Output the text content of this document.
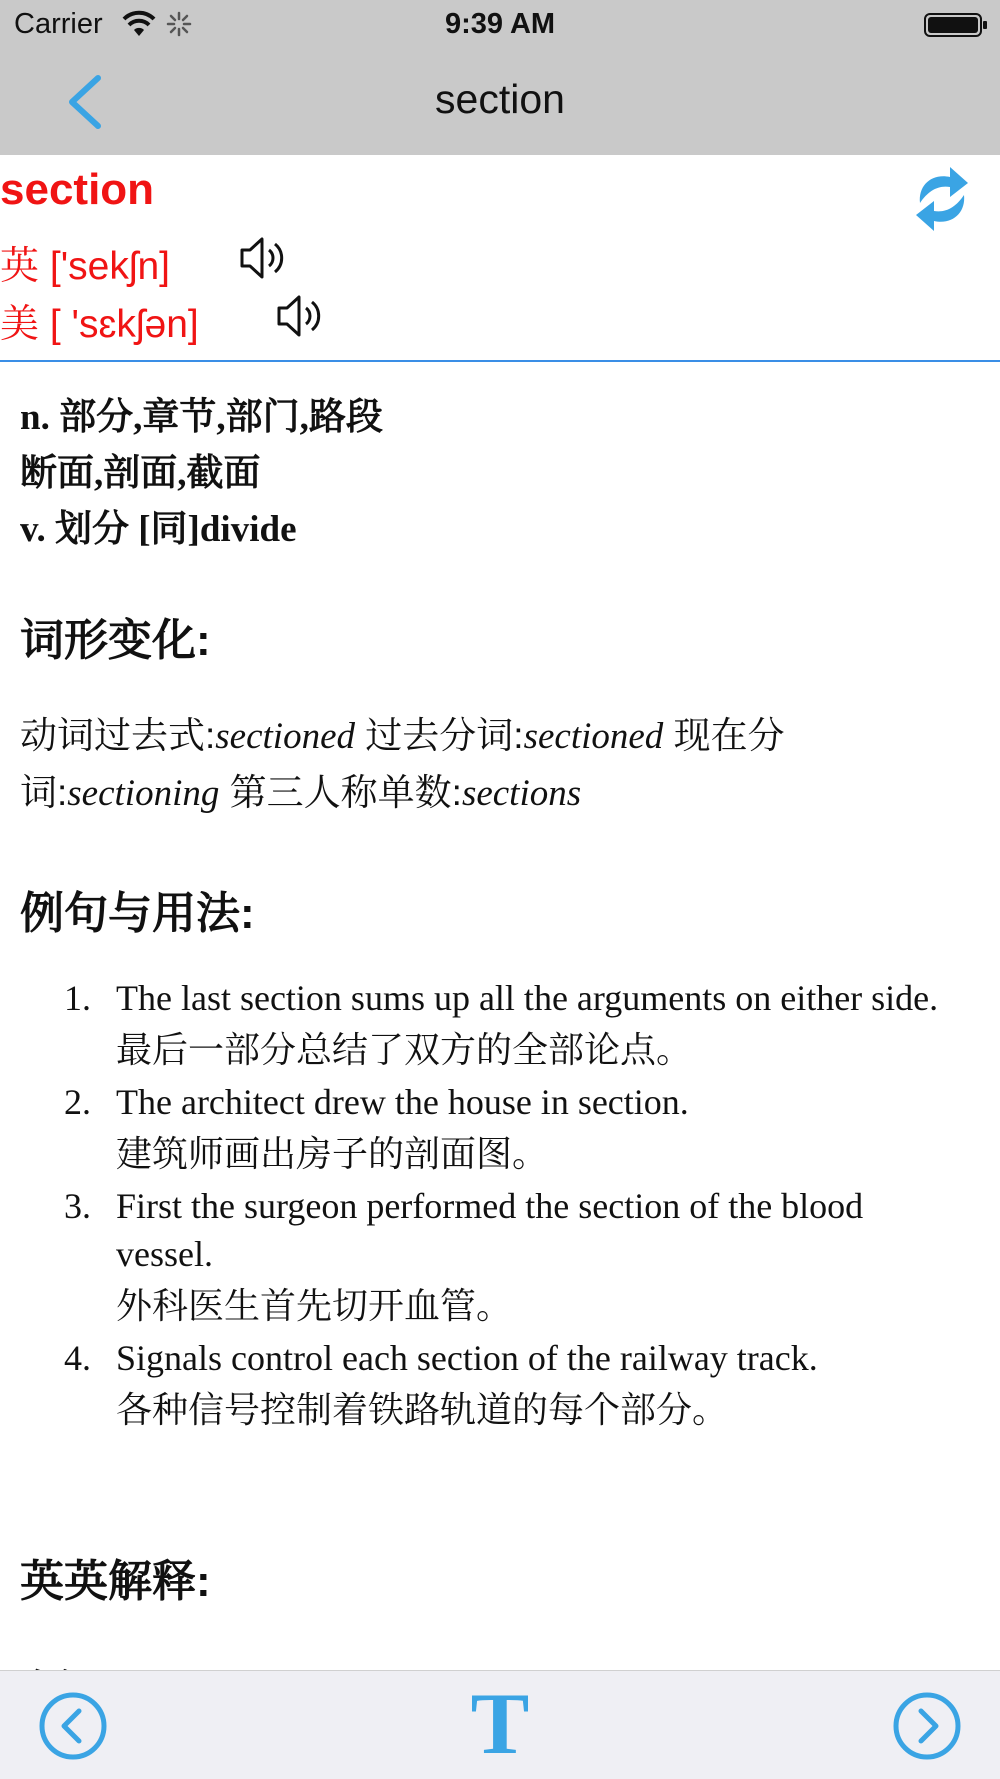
Carrier	9:39 AM
section
section
英 ['sekʃn]
美 [ 'sɛkʃən]
n. 部分,章节,部门,路段
断面,剖面,截面
v. 划分 [同]divide
词形变化:
动词过去式:sectioned 过去分词:sectioned 现在分词:sectioning 第三人称单数:sections
例句与用法:
1. The last section sums up all the arguments on either side.
最后一部分总结了双方的全部论点。
2. The architect drew the house in section.
建筑师画出房子的剖面图。
3. First the surgeon performed the section of the blood vessel.
外科医生首先切开血管。
4. Signals control each section of the railway track.
各种信号控制着铁路轨道的每个部分。
英英解释:
T
